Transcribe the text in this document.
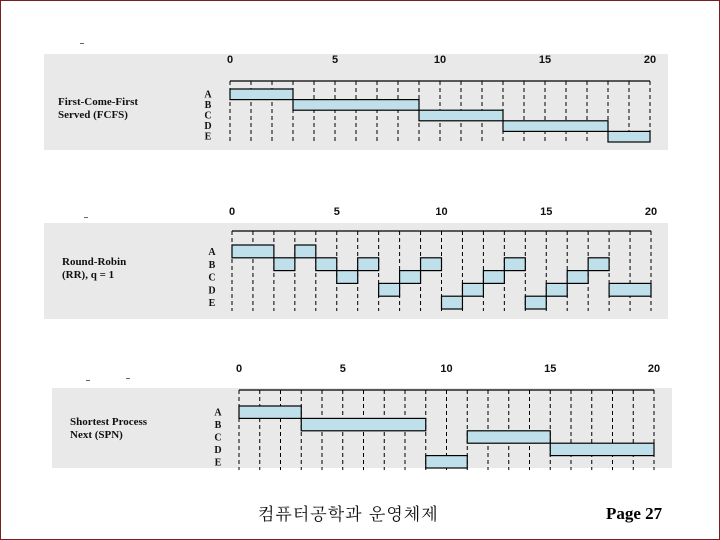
First-Come-First
Served (FCFS)
Round-Robin
(RR), q = 1
Shortest Process
Next (SPN)
0	5	10	15	20
A
B
C
D
E
0	5	10	15	20
A
B
C
D
E
0	5	10	15	20
A
B
C
D
E
컴퓨터공학과 운영체제	Page 27
